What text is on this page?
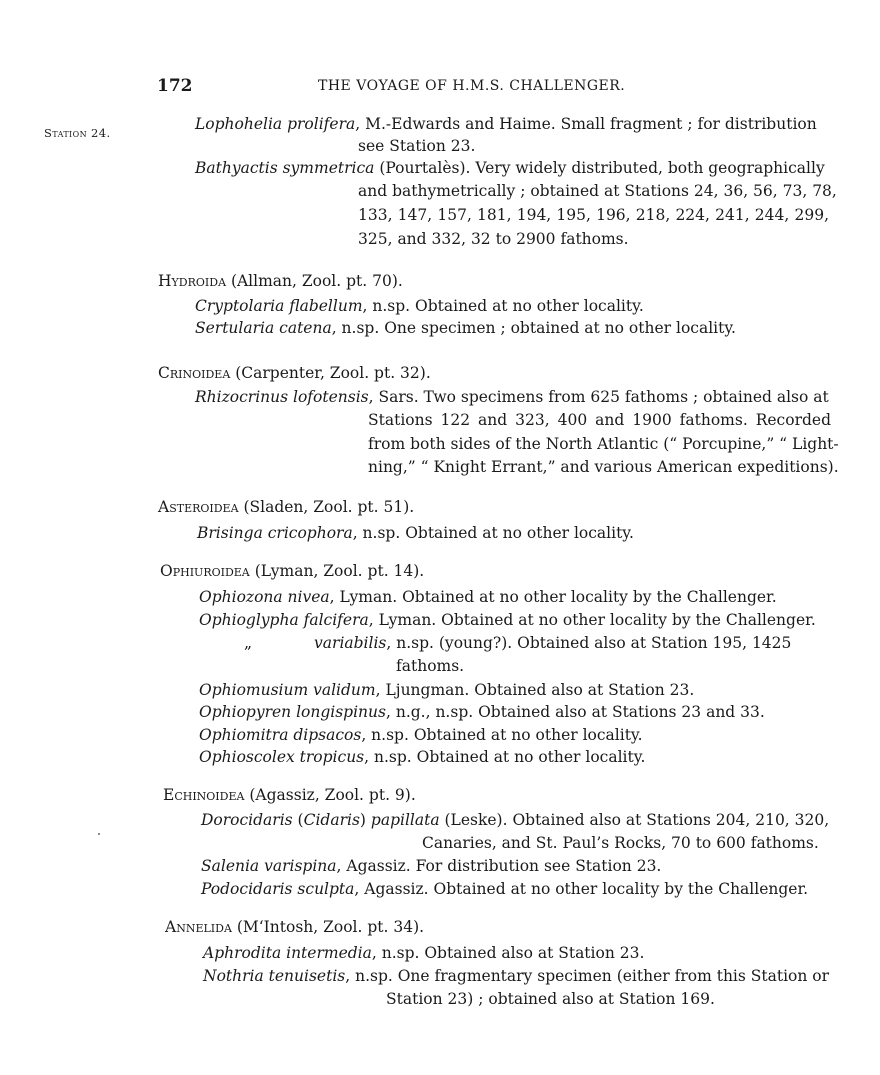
172	THE VOYAGE OF H.M.S. CHALLENGER.
Station 24.	Lophohelia prolifera, M.-Edwards and Haime. Small fragment ; for distribution
see Station 23.
Bathyactis symmetrica (Pourtalès). Very widely distributed, both geographically
and bathymetrically ; obtained at Stations 24, 36, 56, 73, 78,
133, 147, 157, 181, 194, 195, 196, 218, 224, 241, 244, 299,
325, and 332, 32 to 2900 fathoms.
Hydroida (Allman, Zool. pt. 70).
Cryptolaria flabellum, n.sp. Obtained at no other locality.
Sertularia catena, n.sp. One specimen ; obtained at no other locality.
Crinoidea (Carpenter, Zool. pt. 32).
Rhizocrinus lofotensis, Sars. Two specimens from 625 fathoms ; obtained also at
Stations 122 and 323, 400 and 1900 fathoms. Recorded
from both sides of the North Atlantic (“ Porcupine,” “ Light-
ning,” “ Knight Errant,” and various American expeditions).
Asteroidea (Sladen, Zool. pt. 51).
Brisinga cricophora, n.sp. Obtained at no other locality.
Ophiuroidea (Lyman, Zool. pt. 14).
Ophiozona nivea, Lyman. Obtained at no other locality by the Challenger.
Ophioglypha falcifera, Lyman. Obtained at no other locality by the Challenger.
„	variabilis, n.sp. (young?). Obtained also at Station 195, 1425
fathoms.
Ophiomusium validum, Ljungman. Obtained also at Station 23.
Ophiopyren longispinus, n.g., n.sp. Obtained also at Stations 23 and 33.
Ophiomitra dipsacos, n.sp. Obtained at no other locality.
Ophioscolex tropicus, n.sp. Obtained at no other locality.
Echinoidea (Agassiz, Zool. pt. 9).
Dorocidaris (Cidaris) papillata (Leske). Obtained also at Stations 204, 210, 320,
Canaries, and St. Paul’s Rocks, 70 to 600 fathoms.
Salenia varispina, Agassiz. For distribution see Station 23.
Podocidaris sculpta, Agassiz. Obtained at no other locality by the Challenger.
Annelida (M‘Intosh, Zool. pt. 34).
Aphrodita intermedia, n.sp. Obtained also at Station 23.
Nothria tenuisetis, n.sp. One fragmentary specimen (either from this Station or
Station 23) ; obtained also at Station 169.
